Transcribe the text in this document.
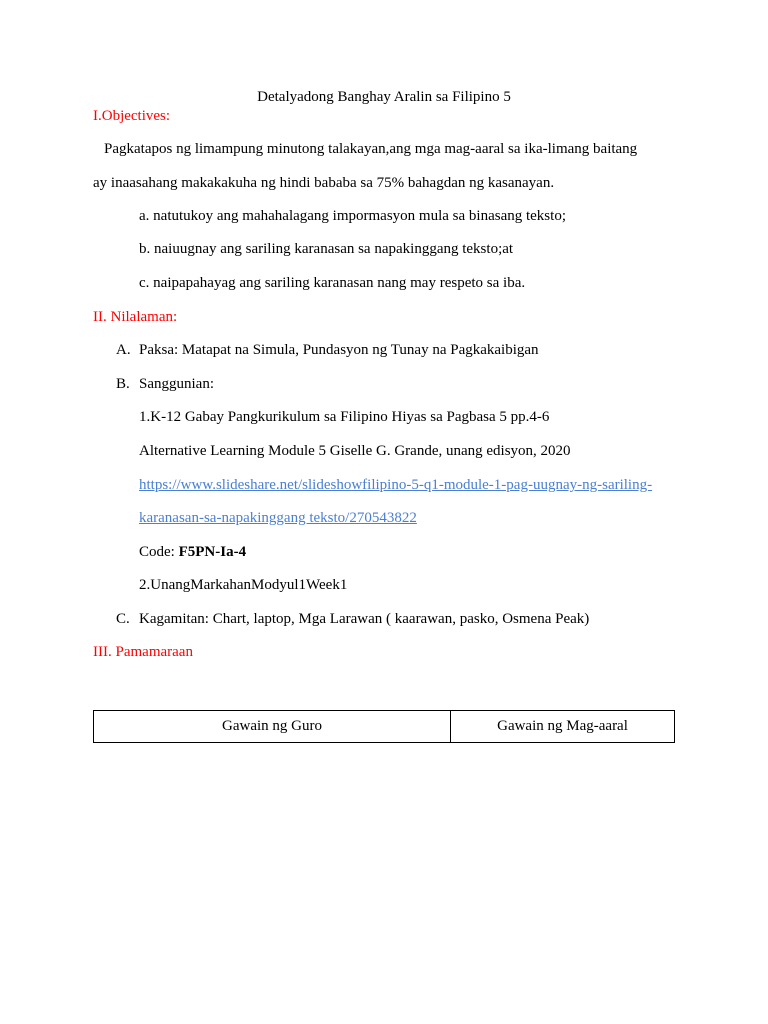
Detalyadong Banghay Aralin sa Filipino 5
I.Objectives:
Pagkatapos ng limampung minutong talakayan,ang mga mag-aaral sa ika-limang baitang
ay inaasahang makakakuha ng hindi bababa sa 75% bahagdan ng kasanayan.
a. natutukoy ang mahahalagang impormasyon mula sa binasang teksto;
b. naiuugnay ang sariling karanasan sa napakinggang teksto;at
c. naipapahayag ang sariling karanasan nang may respeto sa iba.
II. Nilalaman:
A. Paksa: Matapat na Simula, Pundasyon ng Tunay na Pagkakaibigan
B. Sanggunian:
1.K-12 Gabay Pangkurikulum sa Filipino Hiyas sa Pagbasa 5 pp.4-6
Alternative Learning Module 5 Giselle G. Grande, unang edisyon, 2020
https://www.slideshare.net/slideshowfilipino-5-q1-module-1-pag-uugnay-ng-sariling-
karanasan-sa-napakinggang teksto/270543822
Code: F5PN-Ia-4
2.UnangMarkahanModyul1Week1
C. Kagamitan: Chart, laptop, Mga Larawan ( kaarawan, pasko, Osmena Peak)
III. Pamamaraan
Gawain ng Guro	Gawain ng Mag-aaral
